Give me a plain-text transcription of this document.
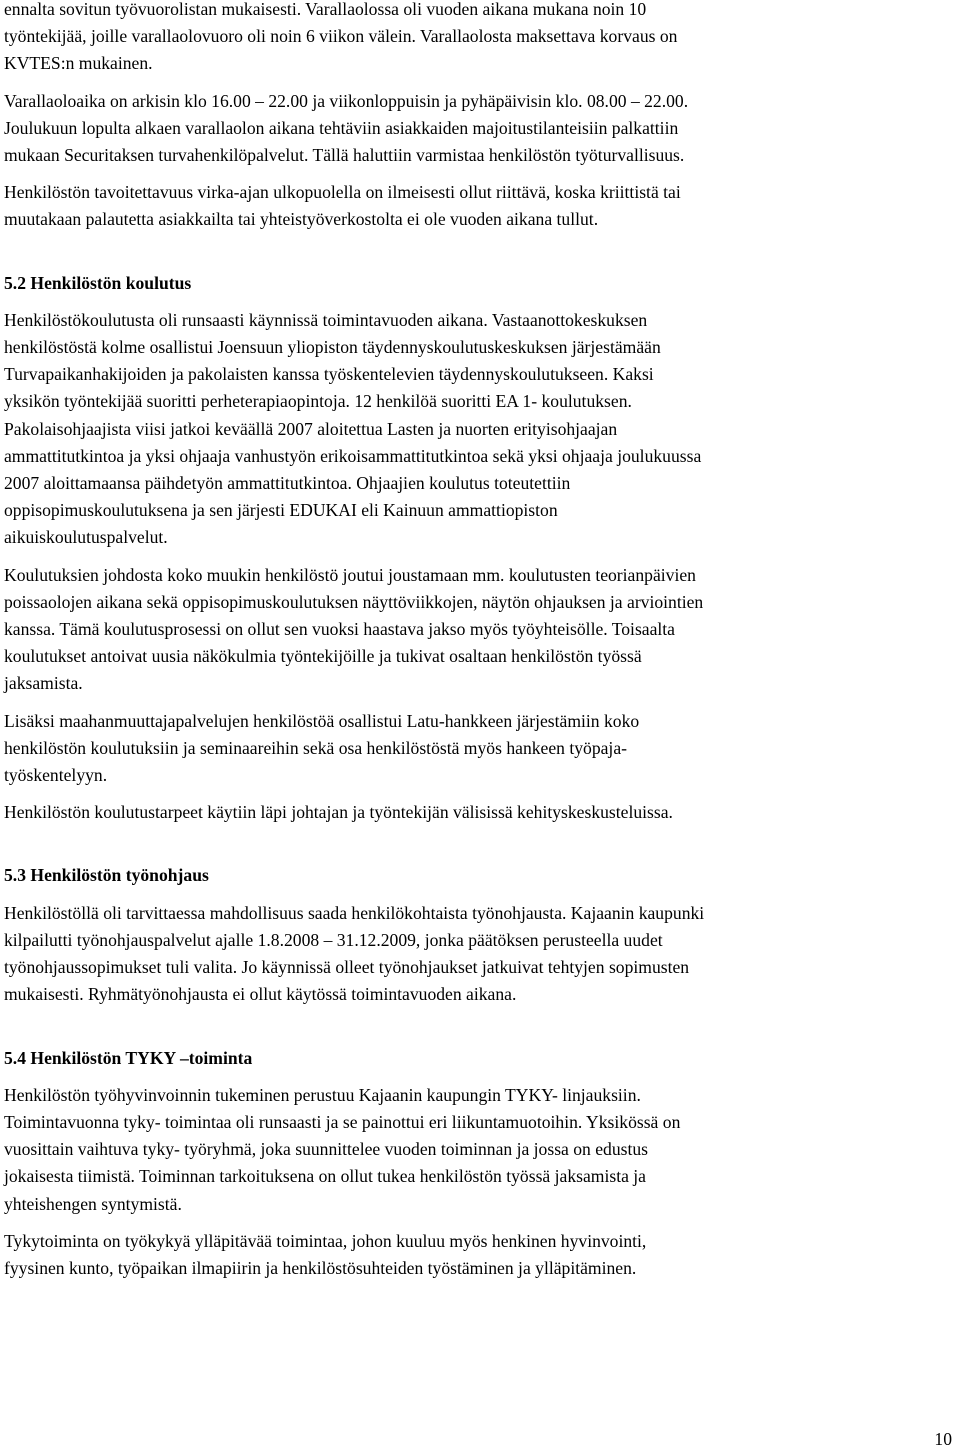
ennalta sovitun työvuorolistan mukaisesti. Varallaolossa oli vuoden aikana mukana noin 10
työntekijää, joille varallaolovuoro oli noin 6 viikon välein. Varallaolosta maksettava korvaus on
KVTES:n mukainen.
Varallaoloaika on arkisin klo 16.00 – 22.00 ja viikonloppuisin ja pyhäpäivisin klo. 08.00 – 22.00.
Joulukuun lopulta alkaen varallaolon aikana tehtäviin asiakkaiden majoitustilanteisiin palkattiin
mukaan Securitaksen turvahenkilöpalvelut. Tällä haluttiin varmistaa henkilöstön työturvallisuus.
Henkilöstön tavoitettavuus virka-ajan ulkopuolella on ilmeisesti ollut riittävä, koska kriittistä tai
muutakaan palautetta asiakkailta tai yhteistyöverkostolta ei ole vuoden aikana tullut.
5.2 Henkilöstön koulutus
Henkilöstökoulutusta oli runsaasti käynnissä toimintavuoden aikana. Vastaanottokeskuksen
henkilöstöstä kolme osallistui Joensuun yliopiston täydennyskoulutuskeskuksen järjestämään
Turvapaikanhakijoiden ja pakolaisten kanssa työskentelevien täydennyskoulutukseen. Kaksi
yksikön työntekijää suoritti perheterapiaopintoja. 12 henkilöä suoritti EA 1- koulutuksen.
Pakolaisohjaajista viisi jatkoi keväällä 2007 aloitettua Lasten ja nuorten erityisohjaajan
ammattitutkintoa ja yksi ohjaaja vanhustyön erikoisammattitutkintoa sekä yksi ohjaaja joulukuussa
2007 aloittamaansa päihdetyön ammattitutkintoa. Ohjaajien koulutus toteutettiin
oppisopimuskoulutuksena ja sen järjesti EDUKAI eli Kainuun ammattiopiston
aikuiskoulutuspalvelut.
Koulutuksien johdosta koko muukin henkilöstö joutui joustamaan mm. koulutusten teorianpäivien
poissaolojen aikana sekä oppisopimuskoulutuksen näyttöviikkojen, näytön ohjauksen ja arviointien
kanssa. Tämä koulutusprosessi on ollut sen vuoksi haastava jakso myös työyhteisölle. Toisaalta
koulutukset antoivat uusia näkökulmia työntekijöille ja tukivat osaltaan henkilöstön työssä
jaksamista.
Lisäksi maahanmuuttajapalvelujen henkilöstöä osallistui Latu-hankkeen järjestämiin koko
henkilöstön koulutuksiin ja seminaareihin sekä osa henkilöstöstä myös hankeen työpaja-
työskentelyyn.
Henkilöstön koulutustarpeet käytiin läpi johtajan ja työntekijän välisissä kehityskeskusteluissa.
5.3 Henkilöstön työnohjaus
Henkilöstöllä oli tarvittaessa mahdollisuus saada henkilökohtaista työnohjausta. Kajaanin kaupunki
kilpailutti työnohjauspalvelut ajalle 1.8.2008 – 31.12.2009, jonka päätöksen perusteella uudet
työnohjaussopimukset tuli valita. Jo käynnissä olleet työnohjaukset jatkuivat tehtyjen sopimusten
mukaisesti. Ryhmätyönohjausta ei ollut käytössä toimintavuoden aikana.
5.4 Henkilöstön TYKY –toiminta
Henkilöstön työhyvinvoinnin tukeminen perustuu Kajaanin kaupungin TYKY- linjauksiin.
Toimintavuonna tyky- toimintaa oli runsaasti ja se painottui eri liikuntamuotoihin. Yksikössä on
vuosittain vaihtuva tyky- työryhmä, joka suunnittelee vuoden toiminnan ja jossa on edustus
jokaisesta tiimistä. Toiminnan tarkoituksena on ollut tukea henkilöstön työssä jaksamista ja
yhteishengen syntymistä.
Tykytoiminta on työkykyä ylläpitävää toimintaa, johon kuuluu myös henkinen hyvinvointi,
fyysinen kunto, työpaikan ilmapiirin ja henkilöstösuhteiden työstäminen ja ylläpitäminen.
10
